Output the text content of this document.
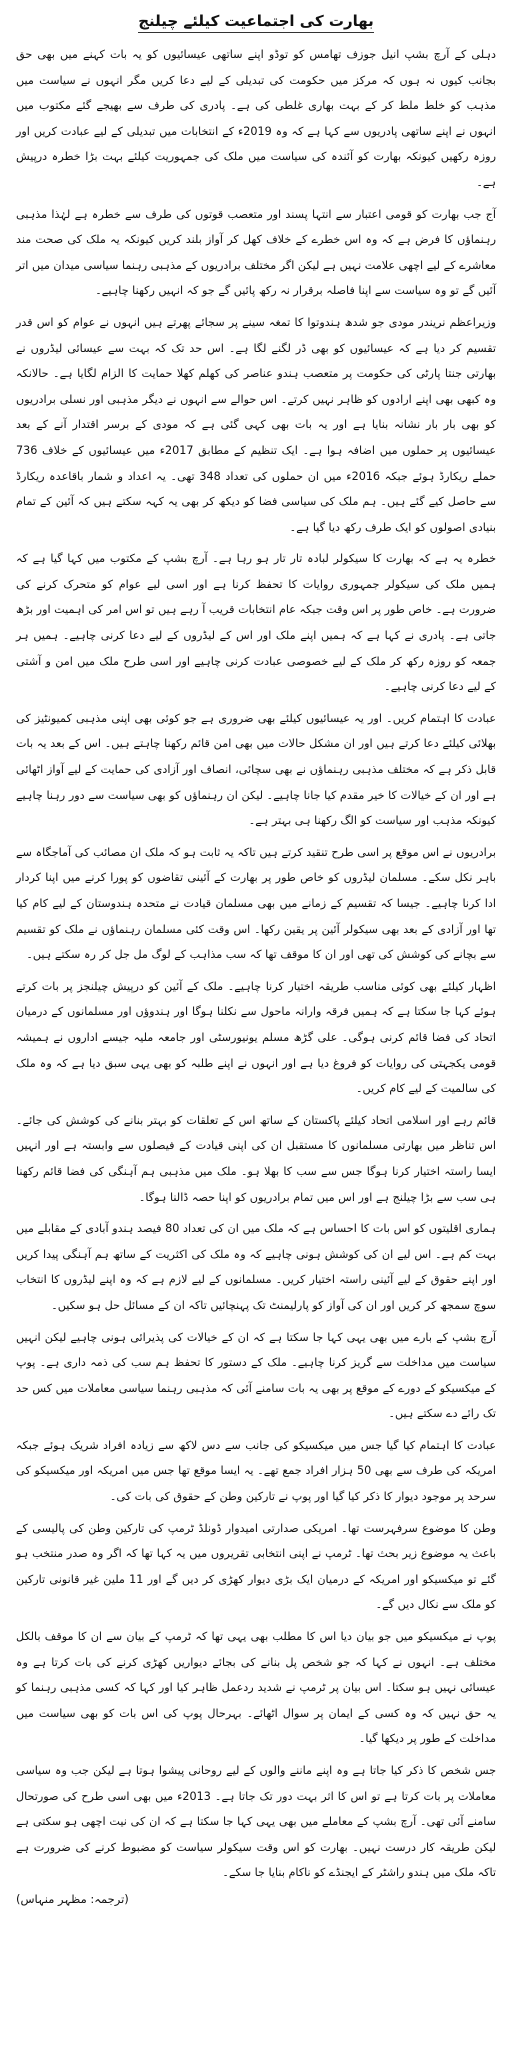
بھارت کی اجتماعیت کیلئے چیلنج
دہلی کے آرچ بشپ انیل جوزف تھامس کو توڈو اپنے ساتھی عیسائیوں کو یہ بات کہنے میں بھی حق بجانب کیوں نہ ہوں کہ مرکز میں حکومت کی تبدیلی کے لیے دعا کریں مگر انہوں نے سیاست میں مذہب کو خلط ملط کر کے بہت بھاری غلطی کی ہے۔ پادری کی طرف سے بھیجے گئے مکتوب میں انہوں نے اپنے ساتھی پادریوں سے کہا ہے کہ وہ 2019ء کے انتخابات میں تبدیلی کے لیے عبادت کریں اور روزہ رکھیں کیونکہ بھارت کو آئندہ کی سیاست میں ملک کی جمہوریت کیلئے بہت بڑا خطرہ درپیش ہے۔
آج جب بھارت کو قومی اعتبار سے انتہا پسند اور متعصب قوتوں کی طرف سے خطرہ ہے لہٰذا مذہبی رہنماؤں کا فرض ہے کہ وہ اس خطرے کے خلاف کھل کر آواز بلند کریں کیونکہ یہ ملک کی صحت مند معاشرے کے لیے اچھی علامت نہیں ہے لیکن اگر مختلف برادریوں کے مذہبی رہنما سیاسی میدان میں اتر آئیں گے تو وہ سیاست سے اپنا فاصلہ برقرار نہ رکھ پائیں گے جو کہ انہیں رکھنا چاہیے۔
وزیراعظم نریندر مودی جو شدھ ہندوتوا کا تمغہ سینے پر سجائے پھرتے ہیں انہوں نے عوام کو اس قدر تقسیم کر دیا ہے کہ عیسائیوں کو بھی ڈر لگنے لگا ہے۔ اس حد تک کہ بہت سے عیسائی لیڈروں نے بھارتی جنتا پارٹی کی حکومت پر متعصب ہندو عناصر کی کھلم کھلا حمایت کا الزام لگایا ہے۔ حالانکہ وہ کبھی بھی اپنے ارادوں کو ظاہر نہیں کرتے۔ اس حوالے سے انہوں نے دیگر مذہبی اور نسلی برادریوں کو بھی بار بار نشانہ بنایا ہے اور یہ بات بھی کہی گئی ہے کہ مودی کے برسر اقتدار آنے کے بعد عیسائیوں پر حملوں میں اضافہ ہوا ہے۔ ایک تنظیم کے مطابق 2017ء میں عیسائیوں کے خلاف 736 حملے ریکارڈ ہوئے جبکہ 2016ء میں ان حملوں کی تعداد 348 تھی۔ یہ اعداد و شمار باقاعدہ ریکارڈ سے حاصل کیے گئے ہیں۔ ہم ملک کی سیاسی فضا کو دیکھ کر بھی یہ کہہ سکتے ہیں کہ آئین کے تمام بنیادی اصولوں کو ایک طرف رکھ دیا گیا ہے۔
خطرہ یہ ہے کہ بھارت کا سیکولر لبادہ تار تار ہو رہا ہے۔ آرچ بشپ کے مکتوب میں کہا گیا ہے کہ ہمیں ملک کی سیکولر جمہوری روایات کا تحفظ کرنا ہے اور اسی لیے عوام کو متحرک کرنے کی ضرورت ہے۔ خاص طور پر اس وقت جبکہ عام انتخابات قریب آ رہے ہیں تو اس امر کی اہمیت اور بڑھ جاتی ہے۔ پادری نے کہا ہے کہ ہمیں اپنے ملک اور اس کے لیڈروں کے لیے دعا کرنی چاہیے۔ ہمیں ہر جمعہ کو روزہ رکھ کر ملک کے لیے خصوصی عبادت کرنی چاہیے اور اسی طرح ملک میں امن و آشتی کے لیے دعا کرنی چاہیے۔
عبادت کا اہتمام کریں۔ اور یہ عیسائیوں کیلئے بھی ضروری ہے جو کوئی بھی اپنی مذہبی کمیونٹیز کی بھلائی کیلئے دعا کرتے ہیں اور ان مشکل حالات میں بھی امن قائم رکھنا چاہتے ہیں۔ اس کے بعد یہ بات قابل ذکر ہے کہ مختلف مذہبی رہنماؤں نے بھی سچائی، انصاف اور آزادی کی حمایت کے لیے آواز اٹھائی ہے اور ان کے خیالات کا خیر مقدم کیا جانا چاہیے۔ لیکن ان رہنماؤں کو بھی سیاست سے دور رہنا چاہیے کیونکہ مذہب اور سیاست کو الگ رکھنا ہی بہتر ہے۔
برادریوں نے اس موقع پر اسی طرح تنقید کرتے ہیں تاکہ یہ ثابت ہو کہ ملک ان مصائب کی آماجگاہ سے باہر نکل سکے۔ مسلمان لیڈروں کو خاص طور پر بھارت کے آئینی تقاضوں کو پورا کرنے میں اپنا کردار ادا کرنا چاہیے۔ جیسا کہ تقسیم کے زمانے میں بھی مسلمان قیادت نے متحدہ ہندوستان کے لیے کام کیا تھا اور آزادی کے بعد بھی سیکولر آئین پر یقین رکھا۔ اس وقت کئی مسلمان رہنماؤں نے ملک کو تقسیم سے بچانے کی کوشش کی تھی اور ان کا موقف تھا کہ سب مذاہب کے لوگ مل جل کر رہ سکتے ہیں۔
اظہار کیلئے بھی کوئی مناسب طریقہ اختیار کرنا چاہیے۔ ملک کے آئین کو درپیش چیلنجز پر بات کرتے ہوئے کہا جا سکتا ہے کہ ہمیں فرقہ وارانہ ماحول سے نکلنا ہوگا اور ہندوؤں اور مسلمانوں کے درمیان اتحاد کی فضا قائم کرنی ہوگی۔ علی گڑھ مسلم یونیورسٹی اور جامعہ ملیہ جیسے اداروں نے ہمیشہ قومی یکجہتی کی روایات کو فروغ دیا ہے اور انہوں نے اپنے طلبہ کو بھی یہی سبق دیا ہے کہ وہ ملک کی سالمیت کے لیے کام کریں۔
قائم رہے اور اسلامی اتحاد کیلئے پاکستان کے ساتھ اس کے تعلقات کو بہتر بنانے کی کوشش کی جائے۔ اس تناظر میں بھارتی مسلمانوں کا مستقبل ان کی اپنی قیادت کے فیصلوں سے وابستہ ہے اور انہیں ایسا راستہ اختیار کرنا ہوگا جس سے سب کا بھلا ہو۔ ملک میں مذہبی ہم آہنگی کی فضا قائم رکھنا ہی سب سے بڑا چیلنج ہے اور اس میں تمام برادریوں کو اپنا حصہ ڈالنا ہوگا۔
ہماری اقلیتوں کو اس بات کا احساس ہے کہ ملک میں ان کی تعداد 80 فیصد ہندو آبادی کے مقابلے میں بہت کم ہے۔ اس لیے ان کی کوشش ہونی چاہیے کہ وہ ملک کی اکثریت کے ساتھ ہم آہنگی پیدا کریں اور اپنے حقوق کے لیے آئینی راستہ اختیار کریں۔ مسلمانوں کے لیے لازم ہے کہ وہ اپنے لیڈروں کا انتخاب سوچ سمجھ کر کریں اور ان کی آواز کو پارلیمنٹ تک پہنچائیں تاکہ ان کے مسائل حل ہو سکیں۔
آرچ بشپ کے بارے میں بھی یہی کہا جا سکتا ہے کہ ان کے خیالات کی پذیرائی ہونی چاہیے لیکن انہیں سیاست میں مداخلت سے گریز کرنا چاہیے۔ ملک کے دستور کا تحفظ ہم سب کی ذمہ داری ہے۔ پوپ کے میکسیکو کے دورے کے موقع پر بھی یہ بات سامنے آئی کہ مذہبی رہنما سیاسی معاملات میں کس حد تک رائے دے سکتے ہیں۔
عبادت کا اہتمام کیا گیا جس میں میکسیکو کی جانب سے دس لاکھ سے زیادہ افراد شریک ہوئے جبکہ امریکہ کی طرف سے بھی 50 ہزار افراد جمع تھے۔ یہ ایسا موقع تھا جس میں امریکہ اور میکسیکو کی سرحد پر موجود دیوار کا ذکر کیا گیا اور پوپ نے تارکین وطن کے حقوق کی بات کی۔
وطن کا موضوع سرفہرست تھا۔ امریکی صدارتی امیدوار ڈونلڈ ٹرمپ کی تارکین وطن کی پالیسی کے باعث یہ موضوع زیر بحث تھا۔ ٹرمپ نے اپنی انتخابی تقریروں میں یہ کہا تھا کہ اگر وہ صدر منتخب ہو گئے تو میکسیکو اور امریکہ کے درمیان ایک بڑی دیوار کھڑی کر دیں گے اور 11 ملین غیر قانونی تارکین کو ملک سے نکال دیں گے۔
پوپ نے میکسیکو میں جو بیان دیا اس کا مطلب بھی یہی تھا کہ ٹرمپ کے بیان سے ان کا موقف بالکل مختلف ہے۔ انہوں نے کہا کہ جو شخص پل بنانے کی بجائے دیواریں کھڑی کرنے کی بات کرتا ہے وہ عیسائی نہیں ہو سکتا۔ اس بیان پر ٹرمپ نے شدید ردعمل ظاہر کیا اور کہا کہ کسی مذہبی رہنما کو یہ حق نہیں کہ وہ کسی کے ایمان پر سوال اٹھائے۔ بہرحال پوپ کی اس بات کو بھی سیاست میں مداخلت کے طور پر دیکھا گیا۔
جس شخص کا ذکر کیا جاتا ہے وہ اپنے ماننے والوں کے لیے روحانی پیشوا ہوتا ہے لیکن جب وہ سیاسی معاملات پر بات کرتا ہے تو اس کا اثر بہت دور تک جاتا ہے۔ 2013ء میں بھی اسی طرح کی صورتحال سامنے آئی تھی۔ آرچ بشپ کے معاملے میں بھی یہی کہا جا سکتا ہے کہ ان کی نیت اچھی ہو سکتی ہے لیکن طریقہ کار درست نہیں۔ بھارت کو اس وقت سیکولر سیاست کو مضبوط کرنے کی ضرورت ہے تاکہ ملک میں ہندو راشٹر کے ایجنڈے کو ناکام بنایا جا سکے۔
(ترجمہ: مظہر منہاس)
